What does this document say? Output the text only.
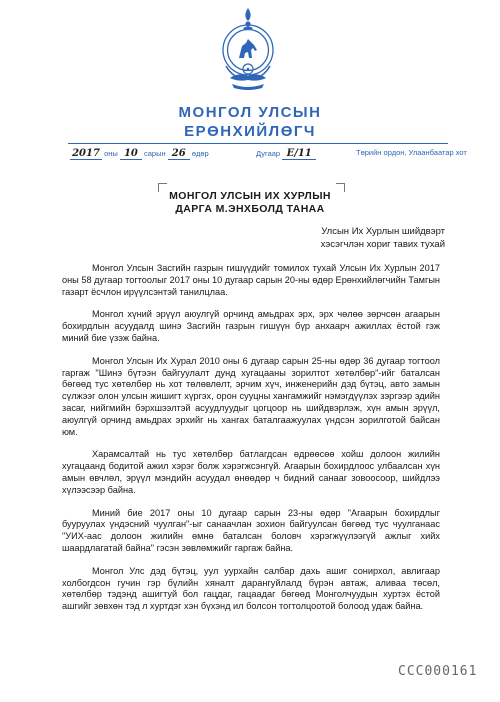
МОНГОЛ УЛСЫН
ЕРӨНХИЙЛӨГЧ
2017 оны 10 сарын 26 өдөр	Дугаар Е/11	Төрийн ордон, Улаанбаатар хот
МОНГОЛ УЛСЫН ИХ ХУРЛЫН
ДАРГА М.ЭНХБОЛД ТАНАА
Улсын Их Хурлын шийдвэрт
хэсэгчлэн хориг тавих тухай

Монгол Улсын Засгийн газрын гишүүдийг томилох тухай Улсын Их Хурлын 2017 оны 58 дугаар тогтоолыг 2017 оны 10 дугаар сарын 20-ны өдөр Ерөнхийлөгчийн Тамгын газарт ёсчлон ирүүлсэнтэй танилцлаа.

Монгол хүний эрүүл аюулгүй орчинд амьдрах эрх, эрх чөлөө зөрчсөн агаарын бохирдлын асуудалд шинэ Засгийн газрын гишүүн бүр анхаарч ажиллах ёстой гэж миний бие үзэж байна.

Монгол Улсын Их Хурал 2010 оны 6 дугаар сарын 25-ны өдөр 36 дугаар тогтоол гаргаж "Шинэ бүтээн байгуулалт дунд хугацааны зорилтот хөтөлбөр"-ийг баталсан бөгөөд тус хөтөлбөр нь хот төлөвлөлт, эрчим хүч, инженерийн дэд бүтэц, авто замын сүлжээг олон улсын жишигт хүргэх, орон сууцны хангамжийг нэмэгдүүлэх зэргээр эдийн засаг, нийгмийн бэрхшээлтэй асуудлуудыг цогцоор нь шийдвэрлэж, хүн амын эрүүл, аюулгүй орчинд амьдрах эрхийг нь хангах баталгаажуулах үндсэн зорилготой байсан юм.

Харамсалтай нь тус хөтөлбөр батлагдсан өдрөөсөө хойш долоон жилийн хугацаанд бодитой ажил хэрэг болж хэрэгжсэнгүй. Агаарын бохирдлоос улбаалсан хүн амын өвчлөл, эрүүл мэндийн асуудал өнөөдөр ч бидний санааг зовоосоор, шийдлээ хүлээсээр байна.

Миний бие 2017 оны 10 дугаар сарын 23-ны өдөр "Агаарын бохирдлыг бууруулах үндэсний чуулган"-ыг санаачлан зохион байгуулсан бөгөөд тус чуулганаас "УИХ-аас долоон жилийн өмнө баталсан боловч хэрэгжүүлээгүй ажлыг хийх шаардлагатай байна" гэсэн зөвлөмжийг гаргаж байна.

Монгол Улс дэд бүтэц, уул уурхайн салбар дахь ашиг сонирхол, авлигаар холбогдсон гучин гэр бүлийн хяналт дарангуйлалд бүрэн автаж, аливаа төсөл, хөтөлбөр тэдэнд ашигтуй бол гацдаг, гацаадаг бөгөөд Монголчуудын хуртэх ёстой ашгийг зөвхөн тэд л хуртдэг хэн бүхэнд ил болсон тогтолцоотой болоод удаж байна.

ССС000161
